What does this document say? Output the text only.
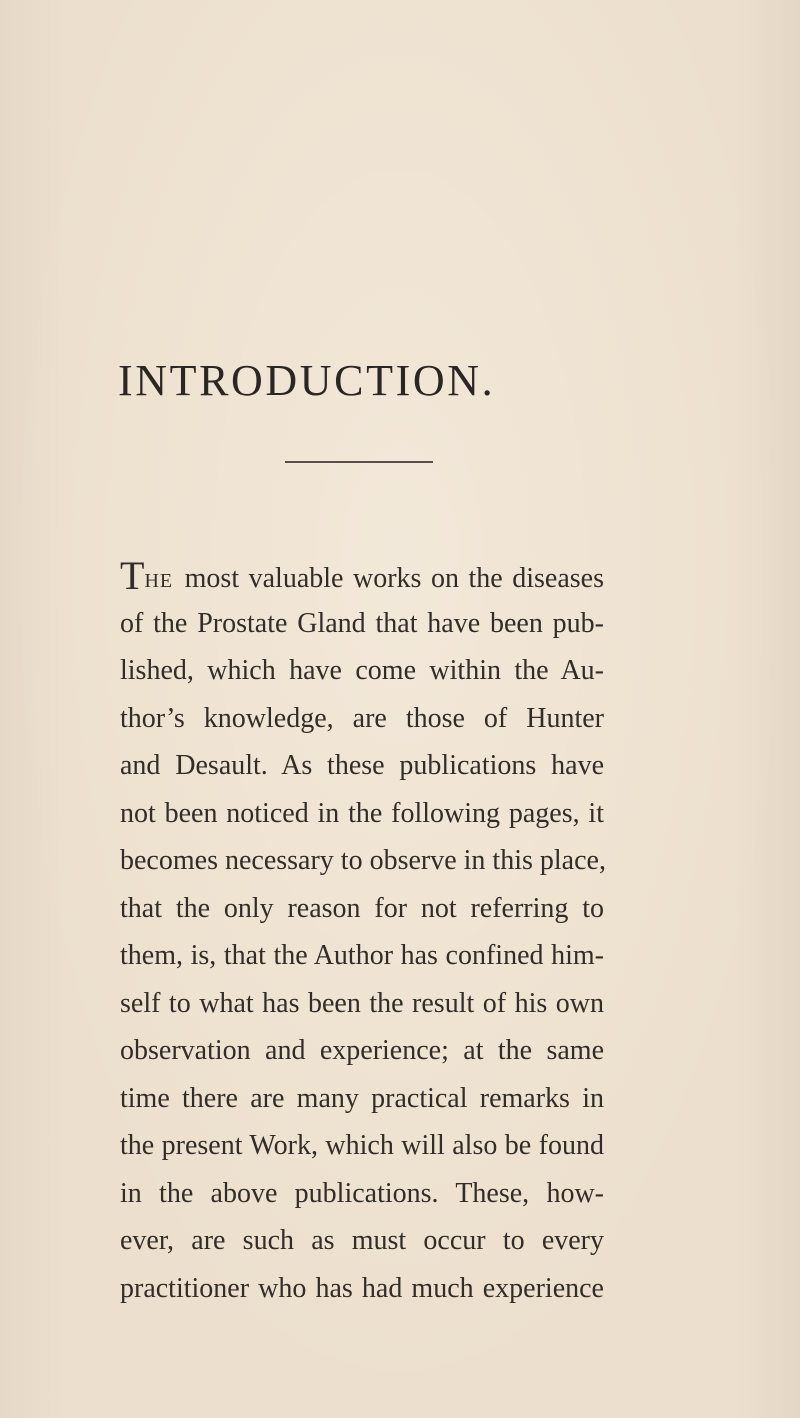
INTRODUCTION.
THE most valuable works on the diseases
of the Prostate Gland that have been pub-
lished, which have come within the Au-
thor’s knowledge, are those of Hunter
and Desault. As these publications have
not been noticed in the following pages, it
becomes necessary to observe in this place,
that the only reason for not referring to
them, is, that the Author has confined him-
self to what has been the result of his own
observation and experience; at the same
time there are many practical remarks in
the present Work, which will also be found
in the above publications. These, how-
ever, are such as must occur to every
practitioner who has had much experience
